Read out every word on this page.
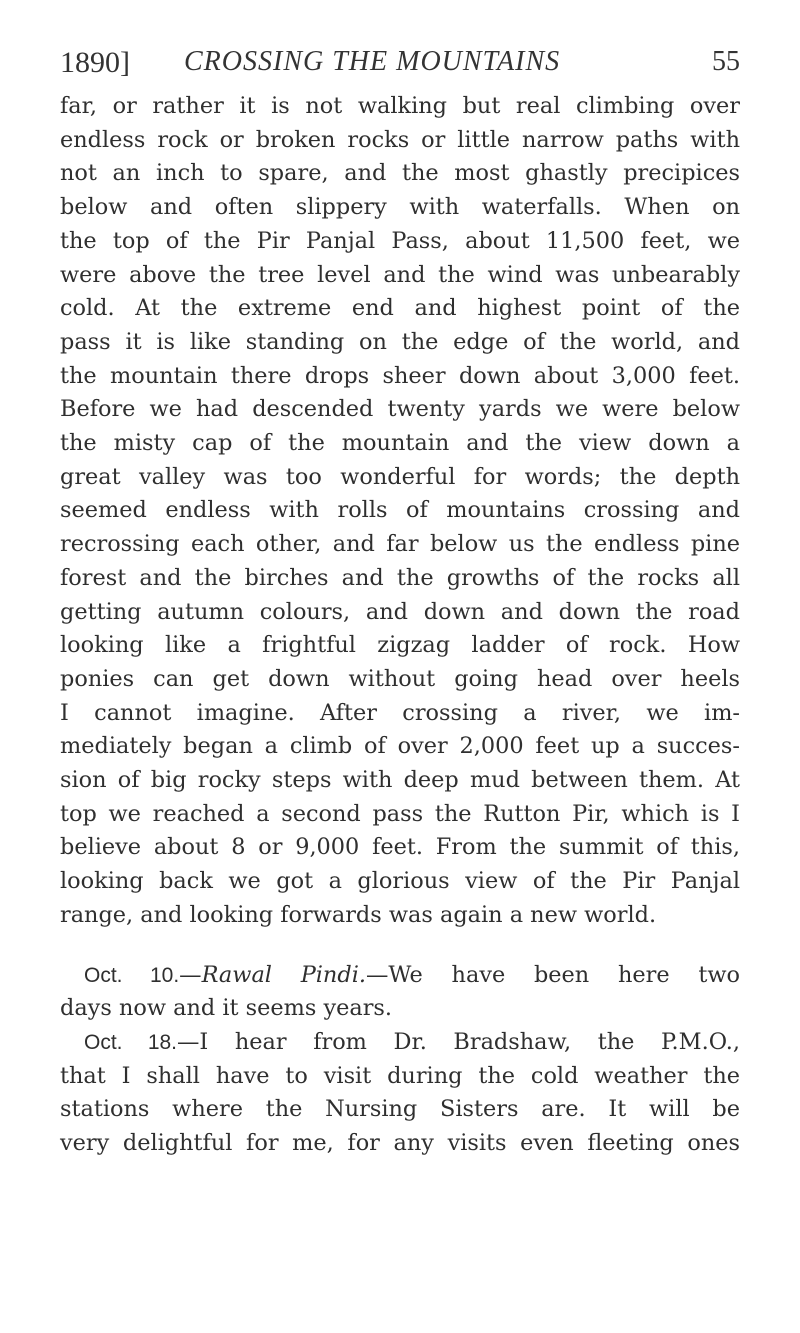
1890] CROSSING THE MOUNTAINS	55
far, or rather it is not walking but real climbing over
endless rock or broken rocks or little narrow paths with
not an inch to spare, and the most ghastly precipices
below and often slippery with waterfalls. When on
the top of the Pir Panjal Pass, about 11,500 feet, we
were above the tree level and the wind was unbearably
cold. At the extreme end and highest point of the
pass it is like standing on the edge of the world, and
the mountain there drops sheer down about 3,000 feet.
Before we had descended twenty yards we were below
the misty cap of the mountain and the view down a
great valley was too wonderful for words; the depth
seemed endless with rolls of mountains crossing and
recrossing each other, and far below us the endless pine
forest and the birches and the growths of the rocks all
getting autumn colours, and down and down the road
looking like a frightful zigzag ladder of rock. How
ponies can get down without going head over heels
I cannot imagine. After crossing a river, we im-
mediately began a climb of over 2,000 feet up a succes-
sion of big rocky steps with deep mud between them. At
top we reached a second pass the Rutton Pir, which is I
believe about 8 or 9,000 feet. From the summit of this,
looking back we got a glorious view of the Pir Panjal
range, and looking forwards was again a new world.
Oct. 10.—Rawal Pindi.—We have been here two
days now and it seems years.
Oct. 18.—I hear from Dr. Bradshaw, the P.M.O.,
that I shall have to visit during the cold weather the
stations where the Nursing Sisters are. It will be
very delightful for me, for any visits even fleeting ones
